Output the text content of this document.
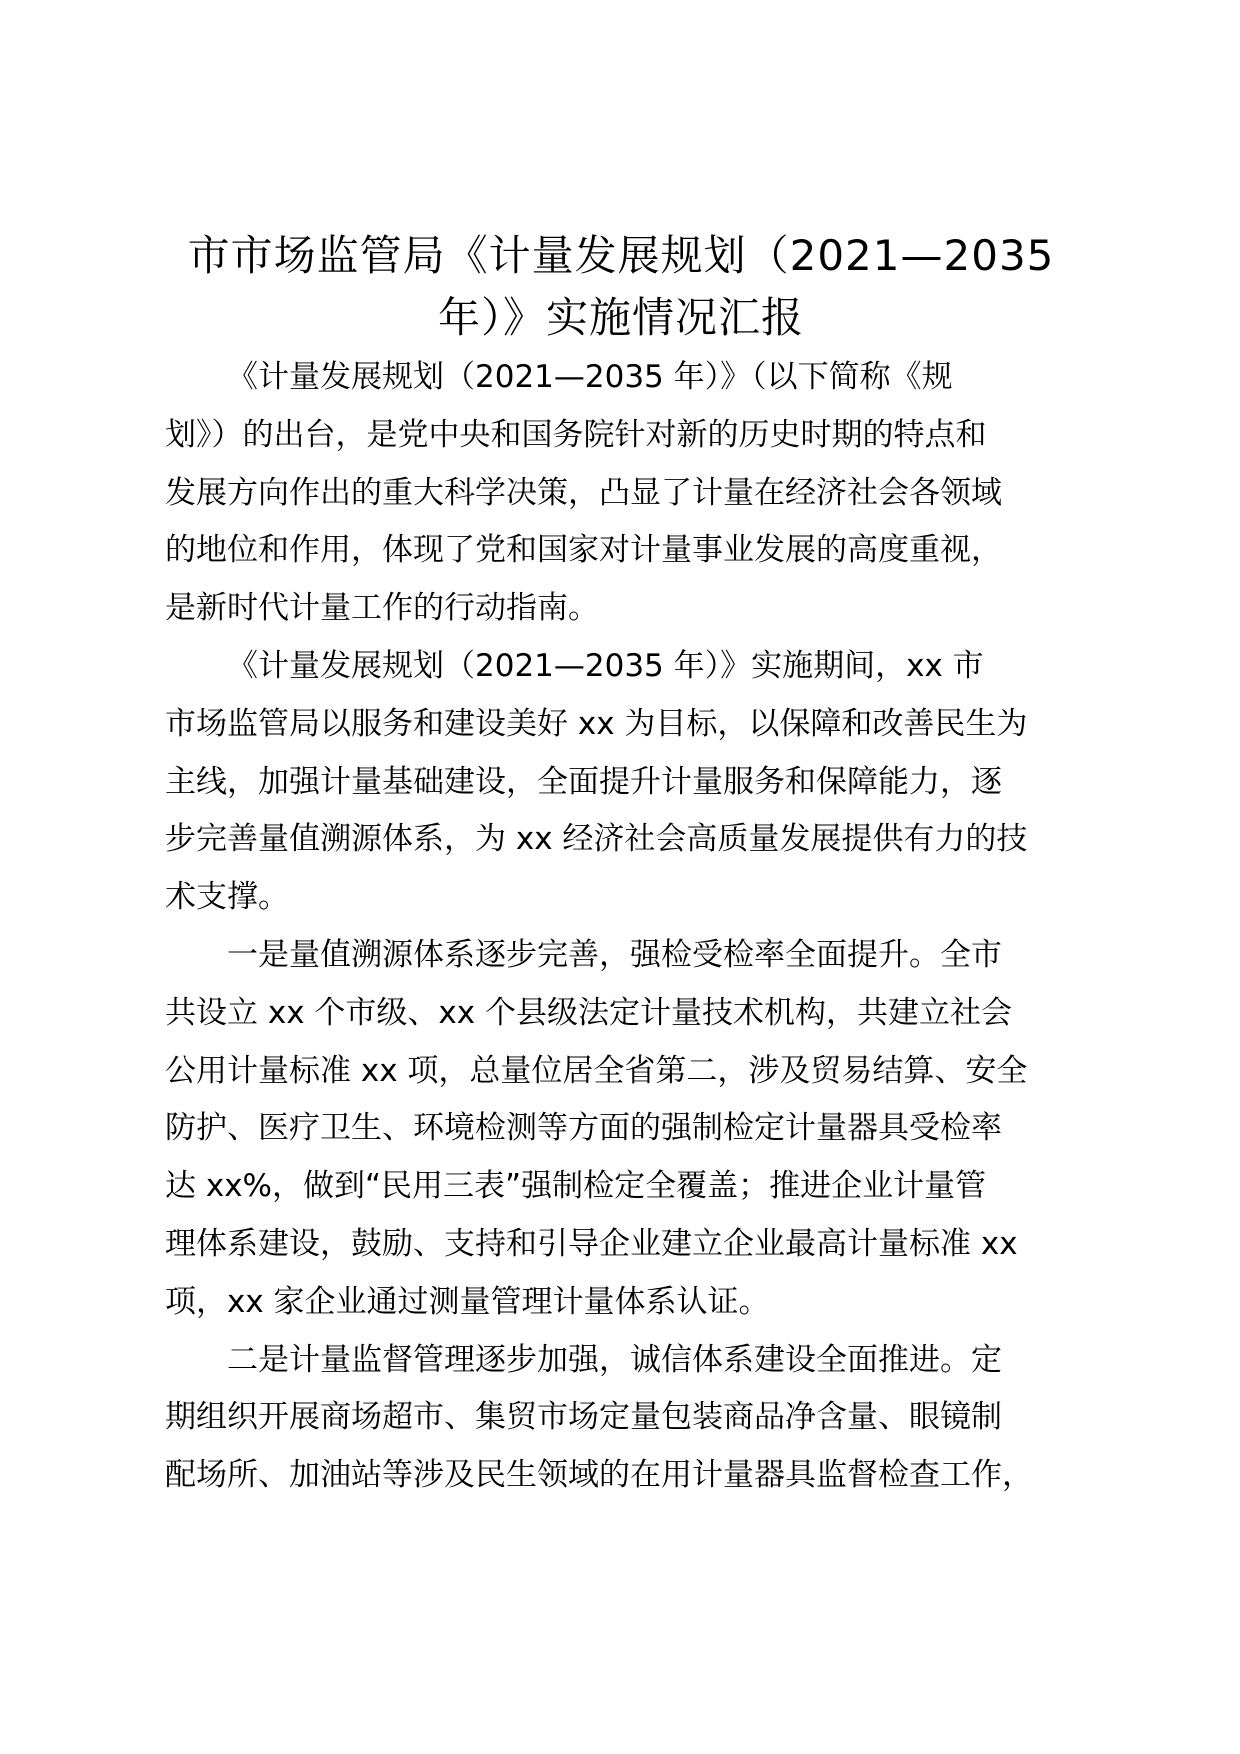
市市场监管局《计量发展规划（2021—2035
年）》实施情况汇报

《计量发展规划（2021—2035 年）》（以下简称《规
划》）的出台，是党中央和国务院针对新的历史时期的特点和
发展方向作出的重大科学决策，凸显了计量在经济社会各领域
的地位和作用，体现了党和国家对计量事业发展的高度重视，
是新时代计量工作的行动指南。

《计量发展规划（2021—2035 年）》实施期间，xx 市
市场监管局以服务和建设美好 xx 为目标，以保障和改善民生为
主线，加强计量基础建设，全面提升计量服务和保障能力，逐
步完善量值溯源体系，为 xx 经济社会高质量发展提供有力的技
术支撑。

一是量值溯源体系逐步完善，强检受检率全面提升。全市
共设立 xx 个市级、xx 个县级法定计量技术机构，共建立社会
公用计量标准 xx 项，总量位居全省第二，涉及贸易结算、安全
防护、医疗卫生、环境检测等方面的强制检定计量器具受检率
达 xx%，做到“民用三表”强制检定全覆盖；推进企业计量管
理体系建设，鼓励、支持和引导企业建立企业最高计量标准 xx
项，xx 家企业通过测量管理计量体系认证。

二是计量监督管理逐步加强，诚信体系建设全面推进。定
期组织开展商场超市、集贸市场定量包装商品净含量、眼镜制
配场所、加油站等涉及民生领域的在用计量器具监督检查工作，
